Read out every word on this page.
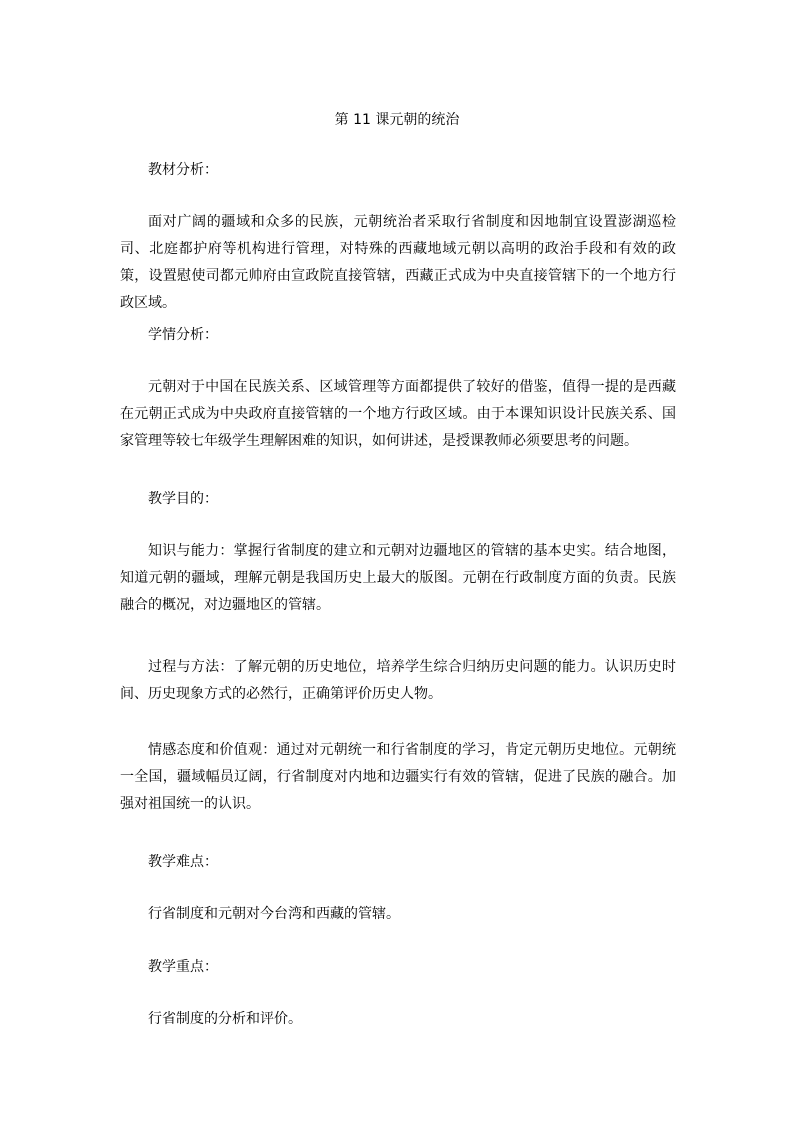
第 11 课元朝的统治

教材分析：

面对广阔的疆域和众多的民族，元朝统治者采取行省制度和因地制宜设置澎湖巡检司、北庭都护府等机构进行管理，对特殊的西藏地域元朝以高明的政治手段和有效的政策，设置慰使司都元帅府由宣政院直接管辖，西藏正式成为中央直接管辖下的一个地方行政区域。

学情分析：

元朝对于中国在民族关系、区域管理等方面都提供了较好的借鉴，值得一提的是西藏在元朝正式成为中央政府直接管辖的一个地方行政区域。由于本课知识设计民族关系、国家管理等较七年级学生理解困难的知识，如何讲述，是授课教师必须要思考的问题。

教学目的：

知识与能力：掌握行省制度的建立和元朝对边疆地区的管辖的基本史实。结合地图，知道元朝的疆域，理解元朝是我国历史上最大的版图。元朝在行政制度方面的负责。民族融合的概况，对边疆地区的管辖。

过程与方法：了解元朝的历史地位，培养学生综合归纳历史问题的能力。认识历史时间、历史现象方式的必然行，正确第评价历史人物。

情感态度和价值观：通过对元朝统一和行省制度的学习，肯定元朝历史地位。元朝统一全国，疆域幅员辽阔，行省制度对内地和边疆实行有效的管辖，促进了民族的融合。加强对祖国统一的认识。

教学难点：

行省制度和元朝对今台湾和西藏的管辖。

教学重点：

行省制度的分析和评价。
